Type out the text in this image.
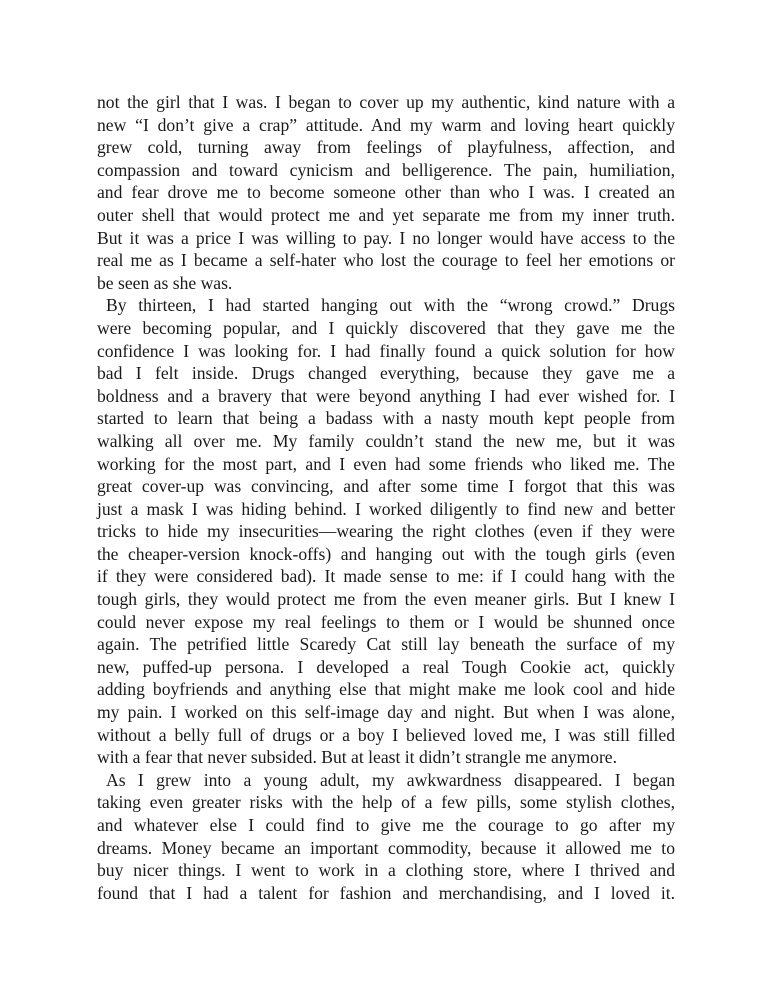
not the girl that I was. I began to cover up my authentic, kind nature with a
new “I don’t give a crap” attitude. And my warm and loving heart quickly
grew cold, turning away from feelings of playfulness, affection, and
compassion and toward cynicism and belligerence. The pain, humiliation,
and fear drove me to become someone other than who I was. I created an
outer shell that would protect me and yet separate me from my inner truth.
But it was a price I was willing to pay. I no longer would have access to the
real me as I became a self-hater who lost the courage to feel her emotions or
be seen as she was.
By thirteen, I had started hanging out with the “wrong crowd.” Drugs
were becoming popular, and I quickly discovered that they gave me the
confidence I was looking for. I had finally found a quick solution for how
bad I felt inside. Drugs changed everything, because they gave me a
boldness and a bravery that were beyond anything I had ever wished for. I
started to learn that being a badass with a nasty mouth kept people from
walking all over me. My family couldn’t stand the new me, but it was
working for the most part, and I even had some friends who liked me. The
great cover-up was convincing, and after some time I forgot that this was
just a mask I was hiding behind. I worked diligently to find new and better
tricks to hide my insecurities—wearing the right clothes (even if they were
the cheaper-version knock-offs) and hanging out with the tough girls (even
if they were considered bad). It made sense to me: if I could hang with the
tough girls, they would protect me from the even meaner girls. But I knew I
could never expose my real feelings to them or I would be shunned once
again. The petrified little Scaredy Cat still lay beneath the surface of my
new, puffed-up persona. I developed a real Tough Cookie act, quickly
adding boyfriends and anything else that might make me look cool and hide
my pain. I worked on this self-image day and night. But when I was alone,
without a belly full of drugs or a boy I believed loved me, I was still filled
with a fear that never subsided. But at least it didn’t strangle me anymore.
As I grew into a young adult, my awkwardness disappeared. I began
taking even greater risks with the help of a few pills, some stylish clothes,
and whatever else I could find to give me the courage to go after my
dreams. Money became an important commodity, because it allowed me to
buy nicer things. I went to work in a clothing store, where I thrived and
found that I had a talent for fashion and merchandising, and I loved it.
